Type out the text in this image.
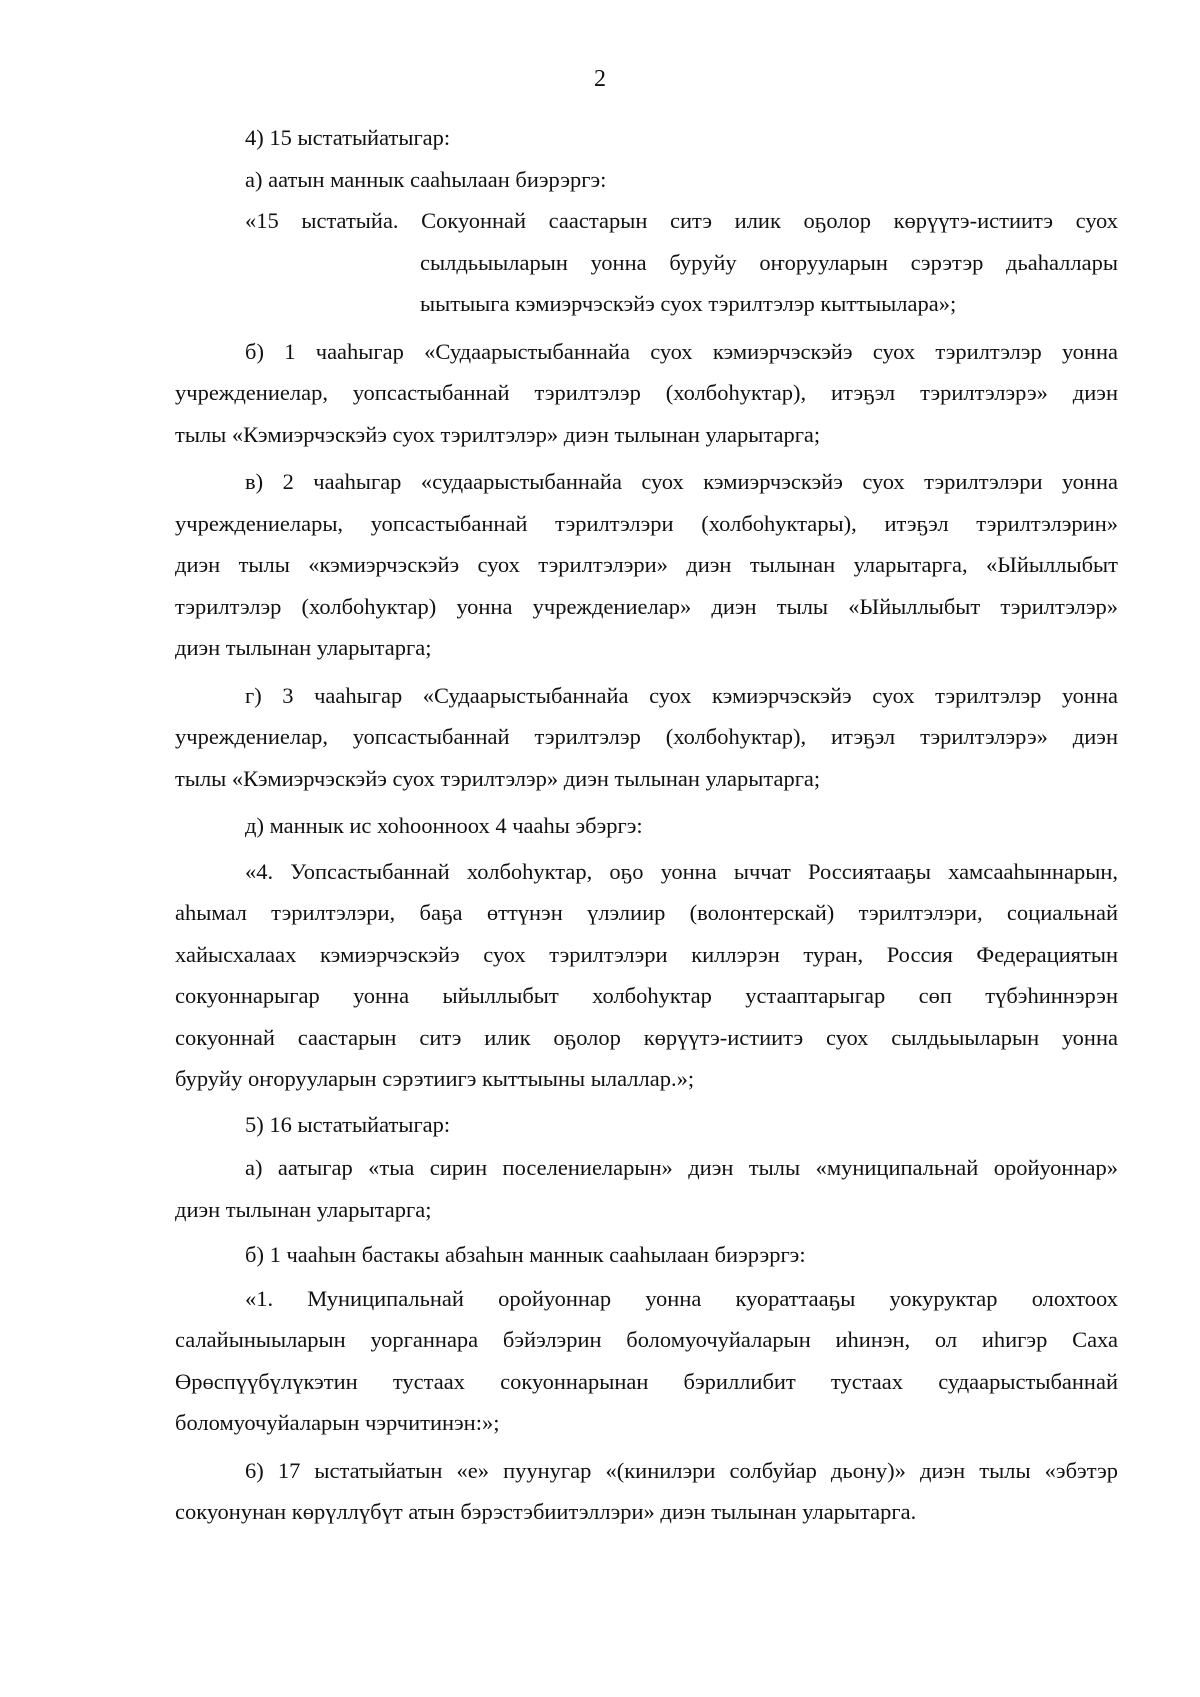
2
4) 15 ыстатыйатыгар:
а) аатын маннык сааһылаан биэрэргэ:
«15 ыстатыйа. Сокуоннай саастарын ситэ илик оҕолор көрүүтэ-истиитэ суох
сылдьыыларын уонна буруйу оҥорууларын сэрэтэр дьаһаллары
ыытыыга кэмиэрчэскэйэ суох тэрилтэлэр кыттыылара»;
б) 1 чааһыгар «Судаарыстыбаннайа суох кэмиэрчэскэйэ суох тэрилтэлэр уонна
учреждениелар, уопсастыбаннай тэрилтэлэр (холбоһуктар), итэҕэл тэрилтэлэрэ» диэн
тылы «Кэмиэрчэскэйэ суох тэрилтэлэр» диэн тылынан уларытарга;
в) 2 чааһыгар «судаарыстыбаннайа суох кэмиэрчэскэйэ суох тэрилтэлэри уонна
учреждениелары, уопсастыбаннай тэрилтэлэри (холбоһуктары), итэҕэл тэрилтэлэрин»
диэн тылы «кэмиэрчэскэйэ суох тэрилтэлэри» диэн тылынан уларытарга, «Ыйыллыбыт
тэрилтэлэр (холбоһуктар) уонна учреждениелар» диэн тылы «Ыйыллыбыт тэрилтэлэр»
диэн тылынан уларытарга;
г) 3 чааһыгар «Судаарыстыбаннайа суох кэмиэрчэскэйэ суох тэрилтэлэр уонна
учреждениелар, уопсастыбаннай тэрилтэлэр (холбоһуктар), итэҕэл тэрилтэлэрэ» диэн
тылы «Кэмиэрчэскэйэ суох тэрилтэлэр» диэн тылынан уларытарга;
д) маннык ис хоһоонноох 4 чааһы эбэргэ:
«4. Уопсастыбаннай холбоһуктар, оҕо уонна ыччат Россиятааҕы хамсааһыннарын,
аһымал тэрилтэлэри, баҕа өттүнэн үлэлиир (волонтерскай) тэрилтэлэри, социальнай
хайысхалаах кэмиэрчэскэйэ суох тэрилтэлэри киллэрэн туран, Россия Федерациятын
сокуоннарыгар уонна ыйыллыбыт холбоһуктар устааптарыгар сөп түбэһиннэрэн
сокуоннай саастарын ситэ илик оҕолор көрүүтэ-истиитэ суох сылдьыыларын уонна
буруйу оҥорууларын сэрэтиигэ кыттыыны ылаллар.»;
5) 16 ыстатыйатыгар:
а) аатыгар «тыа сирин поселениеларын» диэн тылы «муниципальнай оройуоннар»
диэн тылынан уларытарга;
б) 1 чааһын бастакы абзаһын маннык сааһылаан биэрэргэ:
«1. Муниципальнай оройуоннар уонна куораттааҕы уокуруктар олохтоох
салайыныыларын уорганнара бэйэлэрин боломуочуйаларын иһинэн, ол иһигэр Саха
Өрөспүүбүлүкэтин тустаах сокуоннарынан бэриллибит тустаах судаарыстыбаннай
боломуочуйаларын чэрчитинэн:»;
6) 17 ыстатыйатын «е» пуунугар «(кинилэри солбуйар дьону)» диэн тылы «эбэтэр
сокуонунан көрүллүбүт атын бэрэстэбиитэллэри» диэн тылынан уларытарга.
